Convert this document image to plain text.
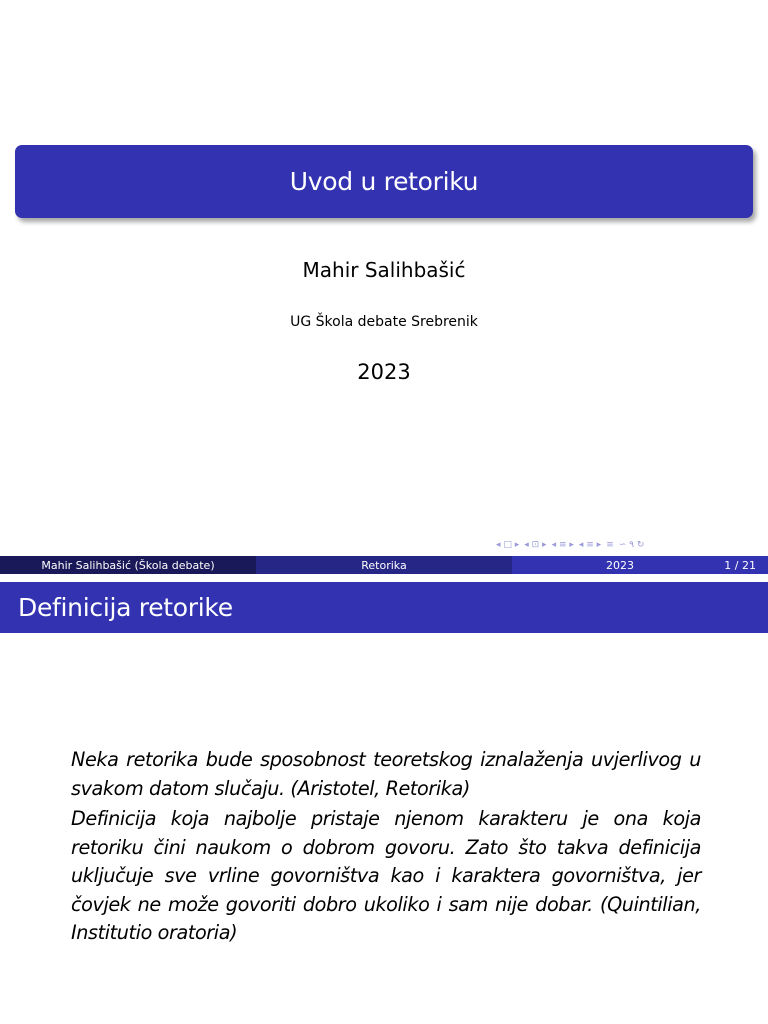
Uvod u retoriku
Mahir Salihbašić
UG Škola debate Srebrenik
2023
◂ □ ▸ ◂ ⊡ ▸ ◂ ≡ ▸ ◂ ≡ ▸ ≡ ∽ ٩ ↻
Mahir Salihbašić (Škola debate)	Retorika	2023	1 / 21
Definicija retorike

Neka retorika bude sposobnost teoretskog iznalaženja uvjerlivog u svakom datom slučaju. (Aristotel, Retorika)

Definicija koja najbolje pristaje njenom karakteru je ona koja retoriku čini naukom o dobrom govoru. Zato što takva definicija uključuje sve vrline govorništva kao i karaktera govorništva, jer čovjek ne može govoriti dobro ukoliko i sam nije dobar. (Quintilian, Institutio oratoria)
